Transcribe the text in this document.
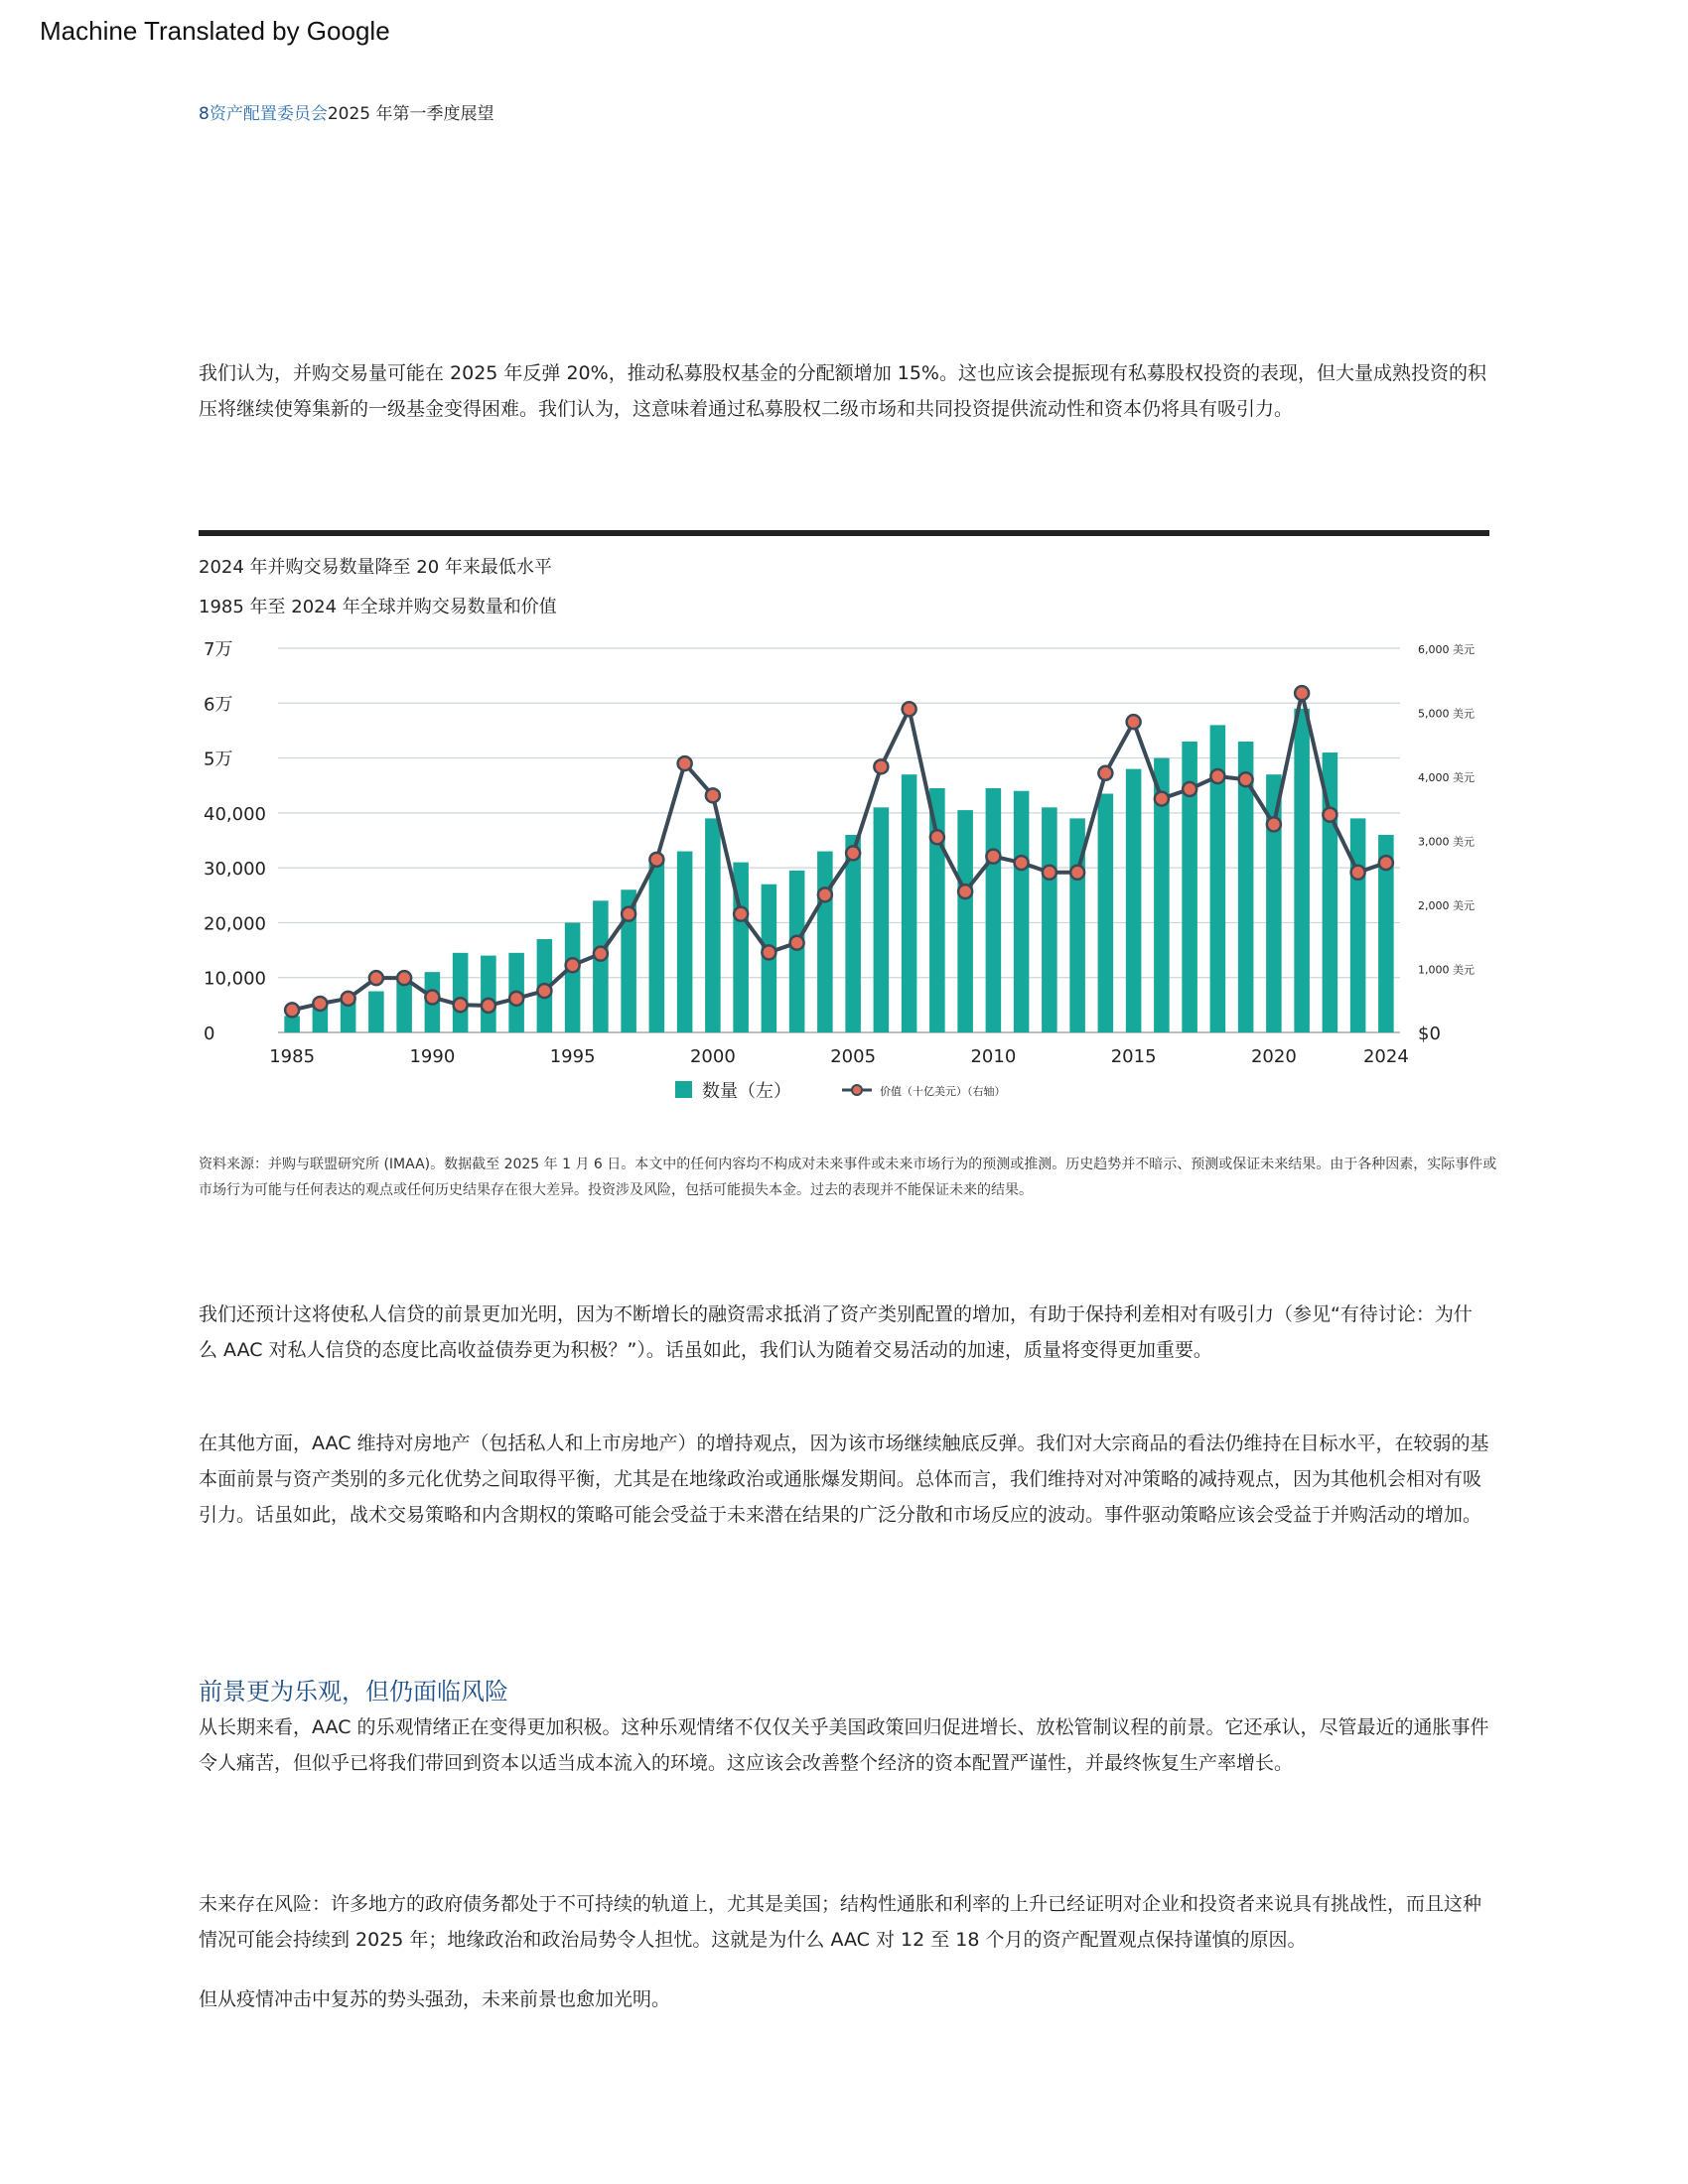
Machine Translated by Google
8资产配置委员会2025 年第一季度展望
我们认为，并购交易量可能在 2025 年反弹 20%，推动私募股权基金的分配额增加 15%。这也应该会提振现有私募股权投资的表现，但大量成熟投资的积压将继续使筹集新的一级基金变得困难。我们认为，这意味着通过私募股权二级市场和共同投资提供流动性和资本仍将具有吸引力。
2024 年并购交易数量降至 20 年来最低水平
1985 年至 2024 年全球并购交易数量和价值
0
10,000
20,000
30,000
40,000
5万
6万
7万
$0
1,000 美元
2,000 美元
3,000 美元
4,000 美元
5,000 美元
6,000 美元
1985	1990	1995	2000	2005	2010	2015	2020	2024
数量（左）	价值（十亿美元）（右轴）
资料来源：并购与联盟研究所 (IMAA)。数据截至 2025 年 1 月 6 日。本文中的任何内容均不构成对未来事件或未来市场行为的预测或推测。历史趋势并不暗示、预测或保证未来结果。由于各种因素，实际事件或市场行为可能与任何表达的观点或任何历史结果存在很大差异。投资涉及风险，包括可能损失本金。过去的表现并不能保证未来的结果。
我们还预计这将使私人信贷的前景更加光明，因为不断增长的融资需求抵消了资产类别配置的增加，有助于保持利差相对有吸引力（参见“有待讨论：为什么 AAC 对私人信贷的态度比高收益债券更为积极？”）。话虽如此，我们认为随着交易活动的加速，质量将变得更加重要。
在其他方面，AAC 维持对房地产（包括私人和上市房地产）的增持观点，因为该市场继续触底反弹。我们对大宗商品的看法仍维持在目标水平，在较弱的基本面前景与资产类别的多元化优势之间取得平衡，尤其是在地缘政治或通胀爆发期间。总体而言，我们维持对对冲策略的减持观点，因为其他机会相对有吸引力。话虽如此，战术交易策略和内含期权的策略可能会受益于未来潜在结果的广泛分散和市场反应的波动。事件驱动策略应该会受益于并购活动的增加。
前景更为乐观，但仍面临风险
从长期来看，AAC 的乐观情绪正在变得更加积极。这种乐观情绪不仅仅关乎美国政策回归促进增长、放松管制议程的前景。它还承认，尽管最近的通胀事件令人痛苦，但似乎已将我们带回到资本以适当成本流入的环境。这应该会改善整个经济的资本配置严谨性，并最终恢复生产率增长。
未来存在风险：许多地方的政府债务都处于不可持续的轨道上，尤其是美国；结构性通胀和利率的上升已经证明对企业和投资者来说具有挑战性，而且这种情况可能会持续到 2025 年；地缘政治和政治局势令人担忧。这就是为什么 AAC 对 12 至 18 个月的资产配置观点保持谨慎的原因。
但从疫情冲击中复苏的势头强劲，未来前景也愈加光明。
